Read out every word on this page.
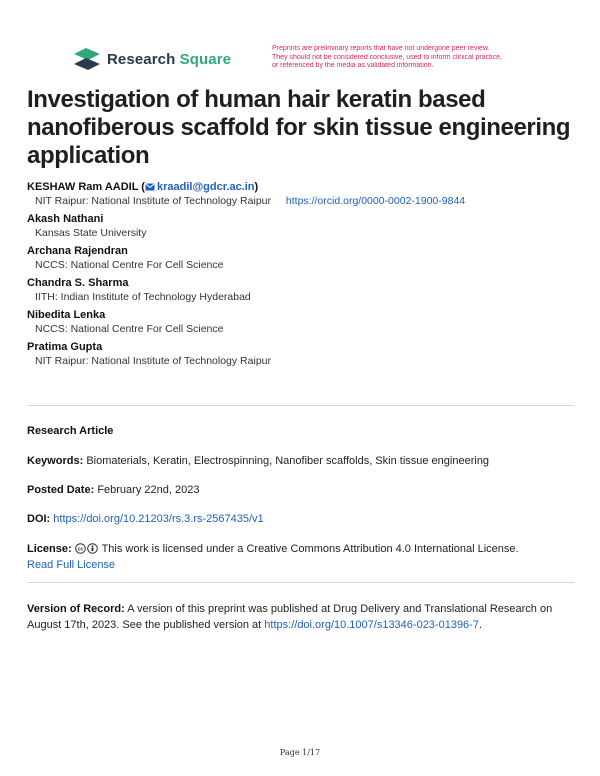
Research Square
Preprints are preliminary reports that have not undergone peer review.
They should not be considered conclusive, used to inform clinical practice,
or referenced by the media as validated information.
Investigation of human hair keratin based nanofiberous scaffold for skin tissue engineering application
KESHAW Ram AADIL ( kraadil@gdcr.ac.in)
NIT Raipur: National Institute of Technology Raipur https://orcid.org/0000-0002-1900-9844
Akash Nathani
Kansas State University
Archana Rajendran
NCCS: National Centre For Cell Science
Chandra S. Sharma
IITH: Indian Institute of Technology Hyderabad
Nibedita Lenka
NCCS: National Centre For Cell Science
Pratima Gupta
NIT Raipur: National Institute of Technology Raipur
Research Article
Keywords: Biomaterials, Keratin, Electrospinning, Nanofiber scaffolds, Skin tissue engineering
Posted Date: February 22nd, 2023
DOI: https://doi.org/10.21203/rs.3.rs-2567435/v1
License: cc This work is licensed under a Creative Commons Attribution 4.0 International License.
Read Full License
Version of Record: A version of this preprint was published at Drug Delivery and Translational Research on August 17th, 2023. See the published version at https://doi.org/10.1007/s13346-023-01396-7.
Page 1/17
